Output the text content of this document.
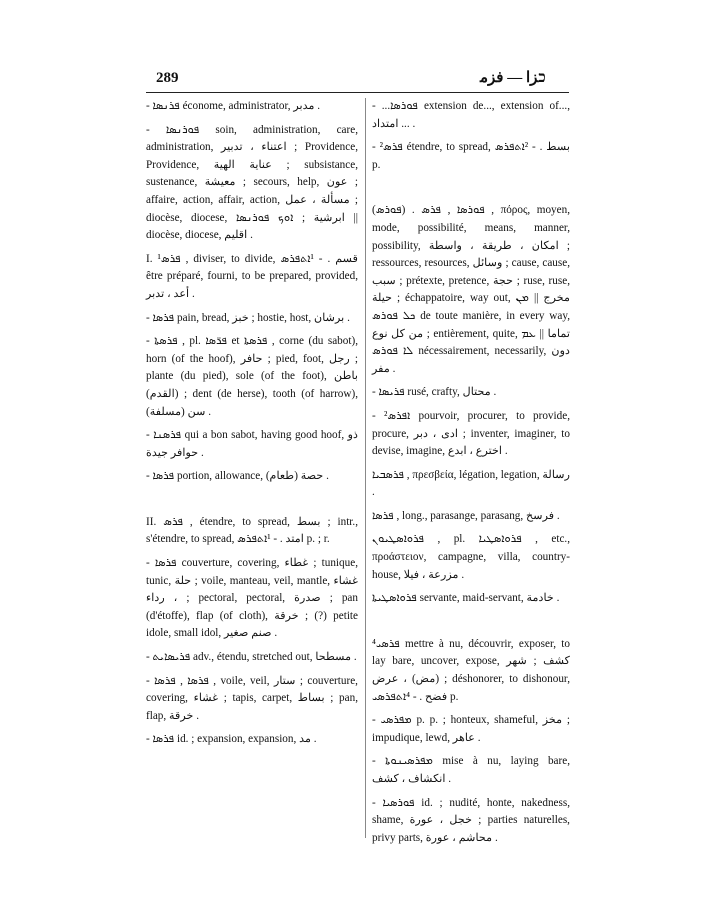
289	ﬤﺰﺍ — ﻓﺰﻣ
- ܦܪܢܣܐ économe, administrator, ﻣﺪﺑﺮ .
- ܦܘܪܢܣܐ soin, administration, care, administration, اعتناء ، تدبير ; Providence, Providence, عناية الهية ; subsistance, sustenance, معيشة ; secours, help, عون ; affaire, action, affair, action, مسألة ، عمل ; diocèse, diocese, ابرشية ; ܐܘܟ ܦܘܪܢܣܐ || diocèse, diocese, اقليم .
I. ܦܪܣ¹ , diviser, to divide, قسم . - ¹ܐܬܦܪܣ être préparé, fourni, to be prepared, provided, أعد ، تدبر .
- ܦܪܣܐ pain, bread, خبز ; hostie, host, برشان .
- ܦܪܣܬܐ , pl. ܦܪ̈ܣܐ et ܦܪܣܬܐ , corne (du sabot), horn (of the hoof), حافر ; pied, foot, رجل ; plante (du pied), sole (of the foot), باطن (القدم) ; dent (de herse), tooth (of harrow), سن (مسلفة) .
- ܦܪܣܢܐ qui a bon sabot, having good hoof, ذو حوافر جيدة .
- ܦܪܣܐ portion, allowance, حصة (طعام) .
II. ܦܪܣ , étendre, to spread, بسط ; intr., s'étendre, to spread, امتد . - ¹ܐܬܦܪܣ p. ; r.
- ܦܪܣܐ couverture, covering, غطاء ; tunique, tunic, حلة ; voile, manteau, veil, mantle, غشاء ، رداء ; pectoral, pectoral, صدرة ; pan (d'étoffe), flap (of cloth), خرقة ; (?) petite idole, small idol, صنم صغير .
- ܦܪܝܣܐܝܬ adv., étendu, stretched out, مسطحا .
- ܦܪܣܐ , ܦܪܣܐ , voile, veil, ستار ; couverture, covering, غشاء ; tapis, carpet, بساط ; pan, flap, خرقة .
- ܦܪܣܐ id. ; expansion, expansion, مد .
- ...ܦܘܪܣܐ extension de..., extension of..., امتداد ... .
- ²ܦܪܣ étendre, to spread, بسط . - ²ܐܬܦܪܣ p.
(ܦܘܪܣ) . ܦܘܪܣܐ , ܦܪܣ , πόρος, moyen, mode, possibilité, means, manner, possibility, امكان ، طريقة ، واسطة ; ressources, resources, وسائل ; cause, cause, سبب ; prétexte, pretence, حجة ; ruse, ruse, حيلة ; échappatoire, way out, مخرج || ܡܢ ܟܠ ܦܘܪܣ de toute manière, in every way, من كل نوع ; entièrement, quite, تماما || ܥܡ ܠܐ ܦܘܪܣ nécessairement, necessarily, دون مفر .
- ܦܪܝܣܐ rusé, crafty, محتال .
- ²ܐܦܪܣ pourvoir, procurer, to provide, procure, ادى ، دبر ; inventer, imaginer, to devise, imagine, اخترع ، ابدع .
ܦܪܣܒܝܐ , πρεσβεία, légation, legation, رسالة .
ܦܪܣܐ , long., parasange, parasang, فرسخ .
ܦܪܘܐܣܛܝܘܢ , pl. ܦܪܘܐܣܛܝܐ , etc., προάστειον, campagne, villa, country-house, مزرعة ، فيلا .
ܦܪܘܐܣܛܝܬܐ servante, maid-servant, خادمة .
⁴ܦܪܣܝ mettre à nu, découvrir, exposer, to lay bare, uncover, expose, كشف ; شهر (مض) ، عرض ; déshonorer, to dishonour, فضح . - ⁴ܐܬܦܪܣܝ p.
- ܡܦܪܣܝ p. p. ; honteux, shameful, مخز ; impudique, lewd, عاهر .
- ܡܦܪܣܝܢܘܬܐ mise à nu, laying bare, انكشاف ، كشف .
- ܦܘܪܣܝܐ id. ; nudité, honte, nakedness, shame, خجل ، عورة ; parties naturelles, privy parts, محاشم ، عورة .
